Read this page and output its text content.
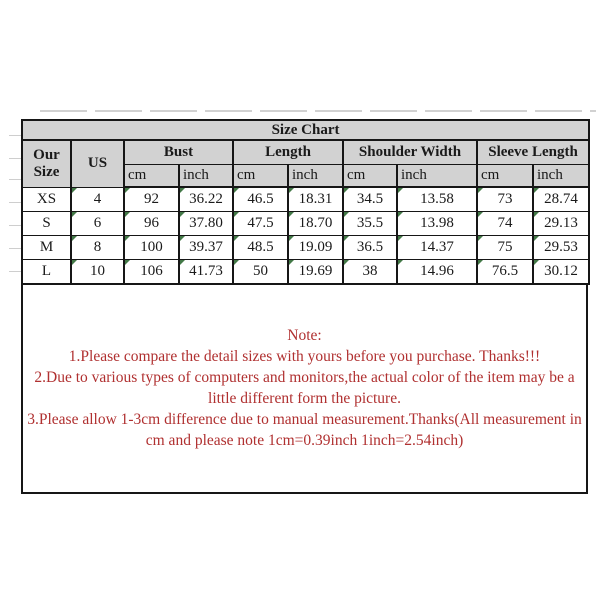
Size Chart									
Our Size	US	Bust		Length		Shoulder Width		Sleeve Length	
		cm	inch	cm	inch	cm	inch	cm	inch
XS	4	92	36.22	46.5	18.31	34.5	13.58	73	28.74
S	6	96	37.80	47.5	18.70	35.5	13.98	74	29.13
M	8	100	39.37	48.5	19.09	36.5	14.37	75	29.53
L	10	106	41.73	50	19.69	38	14.96	76.5	30.12
Note:
1.Please compare the detail sizes with yours before you purchase. Thanks!!!
2.Due to various types of computers and monitors,the actual color of the item may be a
little different form the picture.
3.Please allow 1-3cm difference due to manual measurement.Thanks(All measurement in
cm and please note 1cm=0.39inch 1inch=2.54inch)
